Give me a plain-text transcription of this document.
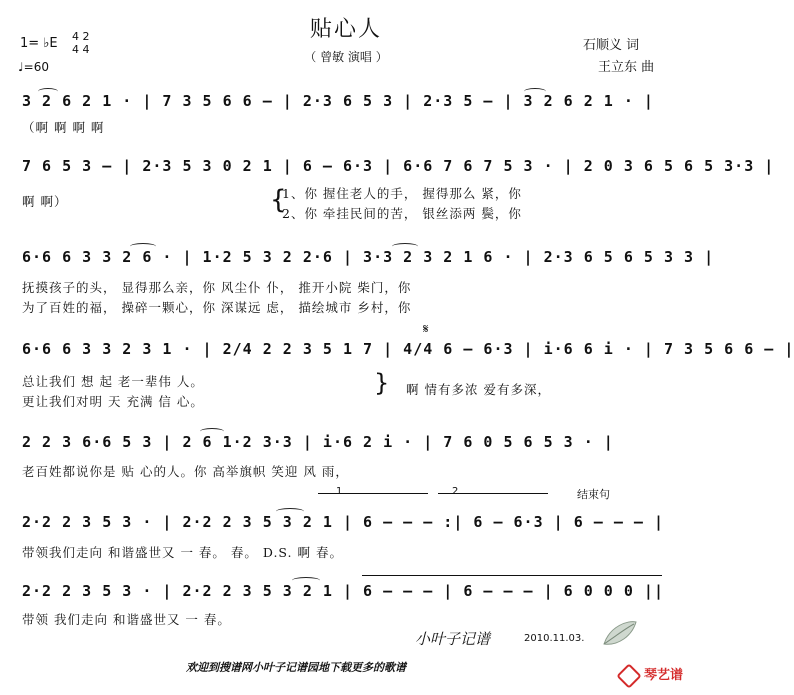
贴心人
（ 曾敏 演唱 ）
1= ♭E 4 2
4 4
♩=60
石顺义 词
王立东 曲
3 2 6 2 1 · | 7 3 5 6 6 – | 2·3 6 5 3 | 2·3 5 – | 3 2 6 2 1 · |
（啊 啊 啊 啊
7 6 5 3 – | 2·3 5 3 0 2 1 | 6 – 6·3 | 6·6 7 6 7 5 3 · | 2 0 3 6 5 6 5 3·3 |
啊 啊）
1、你 握住老人的手， 握得那么 紧，你
2、你 牵挂民间的苦， 银丝添两 鬓，你
{
6·6 6 3 3 2 6 · | 1·2 5 3 2 2·6 | 3·3 2 3 2 1 6 · | 2·3 6 5 6 5 3 3 |
抚摸孩子的头， 显得那么亲，你 风尘仆 仆， 推开小院 柴门，你
为了百姓的福， 操碎一颗心，你 深谋远 虑， 描绘城市 乡村，你
6·6 6 3 3 2 3 1 · | 2/4 2 2 3 5 1 7 | 4/4 6 – 6·3 | i·6 6 i · | 7 3 5 6 6 – |
𝄋
总让我们 想 起 老一辈伟 人。
更让我们对明 天 充满 信 心。
} 啊 情有多浓 爱有多深，
2 2 3 6·6 5 3 | 2 6 1·2 3·3 | i·6 2 i · | 7 6 0 5 6 5 3 · |
老百姓都说你是 贴 心的人。你 高举旗帜 笑迎 风 雨，
1	2	结束句
2·2 2 3 5 3 · | 2·2 2 3 5 3 2 1 | 6 – – – :| 6 – 6·3 | 6 – – – |
带领我们走向 和谐盛世又 一 春。 春。 D.S. 啊 春。
2·2 2 3 5 3 · | 2·2 2 3 5 3 2 1 | 6 – – – | 6 – – – | 6 0 0 0 ||
带领 我们走向 和谐盛世又 一 春。
小叶子记谱	2010.11.03.
欢迎到搜谱网小叶子记谱园地下载更多的歌谱
琴艺谱
